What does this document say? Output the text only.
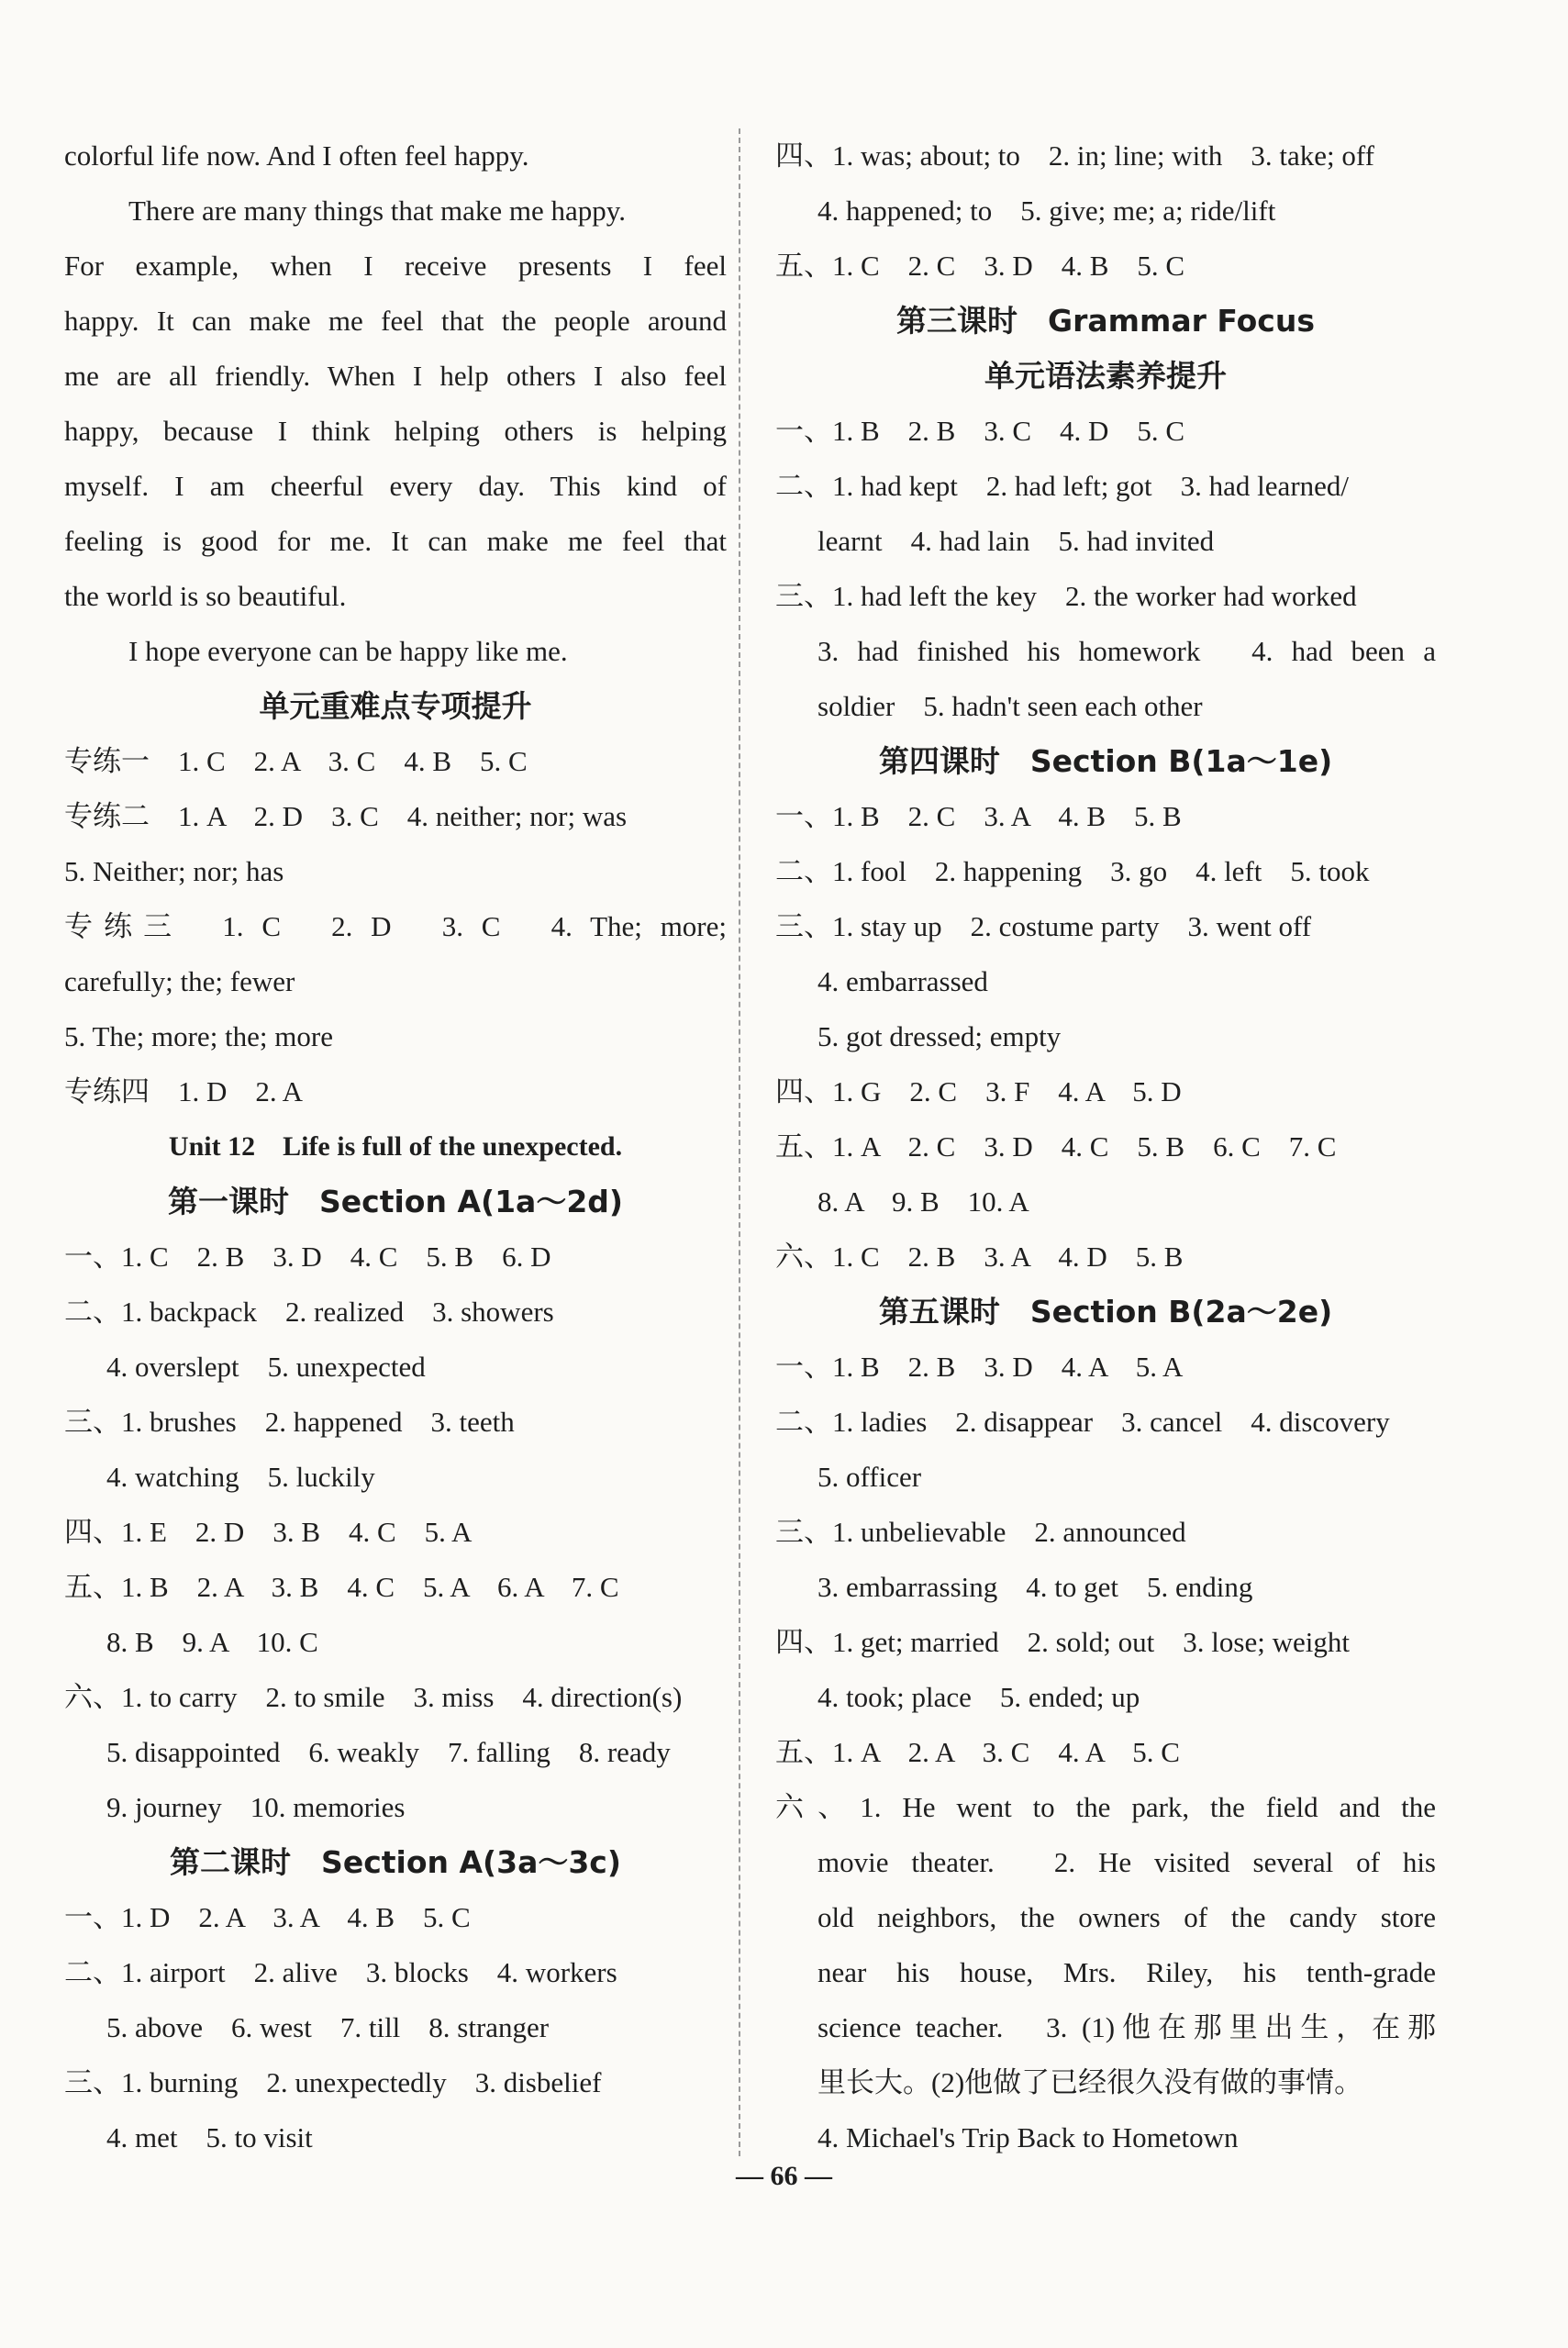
colorful life now. And I often feel happy.
There are many things that make me happy.
For example, when I receive presents I feel
happy. It can make me feel that the people around
me are all friendly. When I help others I also feel
happy, because I think helping others is helping
myself. I am cheerful every day. This kind of
feeling is good for me. It can make me feel that
the world is so beautiful.
I hope everyone can be happy like me.
单元重难点专项提升
专练一　1. C　2. A　3. C　4. B　5. C
专练二　1. A　2. D　3. C　4. neither; nor; was
5. Neither; nor; has
专练三　1. C　2. D　3. C　4. The; more;
carefully; the; fewer
5. The; more; the; more
专练四　1. D　2. A
Unit 12　Life is full of the unexpected.
第一课时　Section A(1a～2d)
一、1. C　2. B　3. D　4. C　5. B　6. D
二、1. backpack　2. realized　3. showers
4. overslept　5. unexpected
三、1. brushes　2. happened　3. teeth
4. watching　5. luckily
四、1. E　2. D　3. B　4. C　5. A
五、1. B　2. A　3. B　4. C　5. A　6. A　7. C
8. B　9. A　10. C
六、1. to carry　2. to smile　3. miss　4. direction(s)
5. disappointed　6. weakly　7. falling　8. ready
9. journey　10. memories
第二课时　Section A(3a～3c)
一、1. D　2. A　3. A　4. B　5. C
二、1. airport　2. alive　3. blocks　4. workers
5. above　6. west　7. till　8. stranger
三、1. burning　2. unexpectedly　3. disbelief
4. met　5. to visit
四、1. was; about; to　2. in; line; with　3. take; off
4. happened; to　5. give; me; a; ride/lift
五、1. C　2. C　3. D　4. B　5. C
第三课时　Grammar Focus
单元语法素养提升
一、1. B　2. B　3. C　4. D　5. C
二、1. had kept　2. had left; got　3. had learned/
learnt　4. had lain　5. had invited
三、1. had left the key　2. the worker had worked
3. had finished his homework　4. had been a
soldier　5. hadn't seen each other
第四课时　Section B(1a～1e)
一、1. B　2. C　3. A　4. B　5. B
二、1. fool　2. happening　3. go　4. left　5. took
三、1. stay up　2. costume party　3. went off
4. embarrassed
5. got dressed; empty
四、1. G　2. C　3. F　4. A　5. D
五、1. A　2. C　3. D　4. C　5. B　6. C　7. C
8. A　9. B　10. A
六、1. C　2. B　3. A　4. D　5. B
第五课时　Section B(2a～2e)
一、1. B　2. B　3. D　4. A　5. A
二、1. ladies　2. disappear　3. cancel　4. discovery
5. officer
三、1. unbelievable　2. announced
3. embarrassing　4. to get　5. ending
四、1. get; married　2. sold; out　3. lose; weight
4. took; place　5. ended; up
五、1. A　2. A　3. C　4. A　5. C
六、1. He went to the park, the field and the
movie theater.　2. He visited several of his
old neighbors, the owners of the candy store
near his house, Mrs. Riley, his tenth-grade
science teacher.　3. (1)他在那里出生，在那
里长大。(2)他做了已经很久没有做的事情。
4. Michael's Trip Back to Hometown
— 66 —
